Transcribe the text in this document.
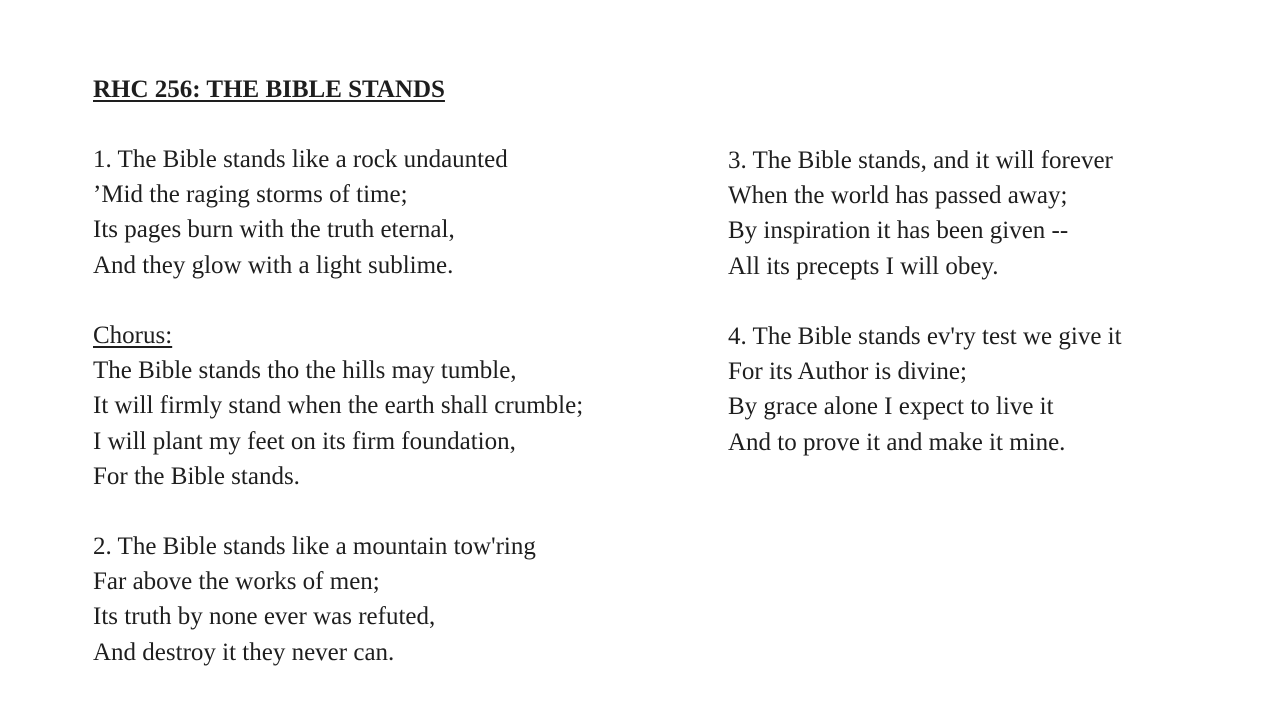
RHC 256: THE BIBLE STANDS
1. The Bible stands like a rock undaunted
’Mid the raging storms of time;
Its pages burn with the truth eternal,
And they glow with a light sublime.
Chorus:
The Bible stands tho the hills may tumble,
It will firmly stand when the earth shall crumble;
I will plant my feet on its firm foundation,
For the Bible stands.
2. The Bible stands like a mountain tow'ring
Far above the works of men;
Its truth by none ever was refuted,
And destroy it they never can.
3. The Bible stands, and it will forever
When the world has passed away;
By inspiration it has been given --
All its precepts I will obey.
4. The Bible stands ev'ry test we give it
For its Author is divine;
By grace alone I expect to live it
And to prove it and make it mine.
